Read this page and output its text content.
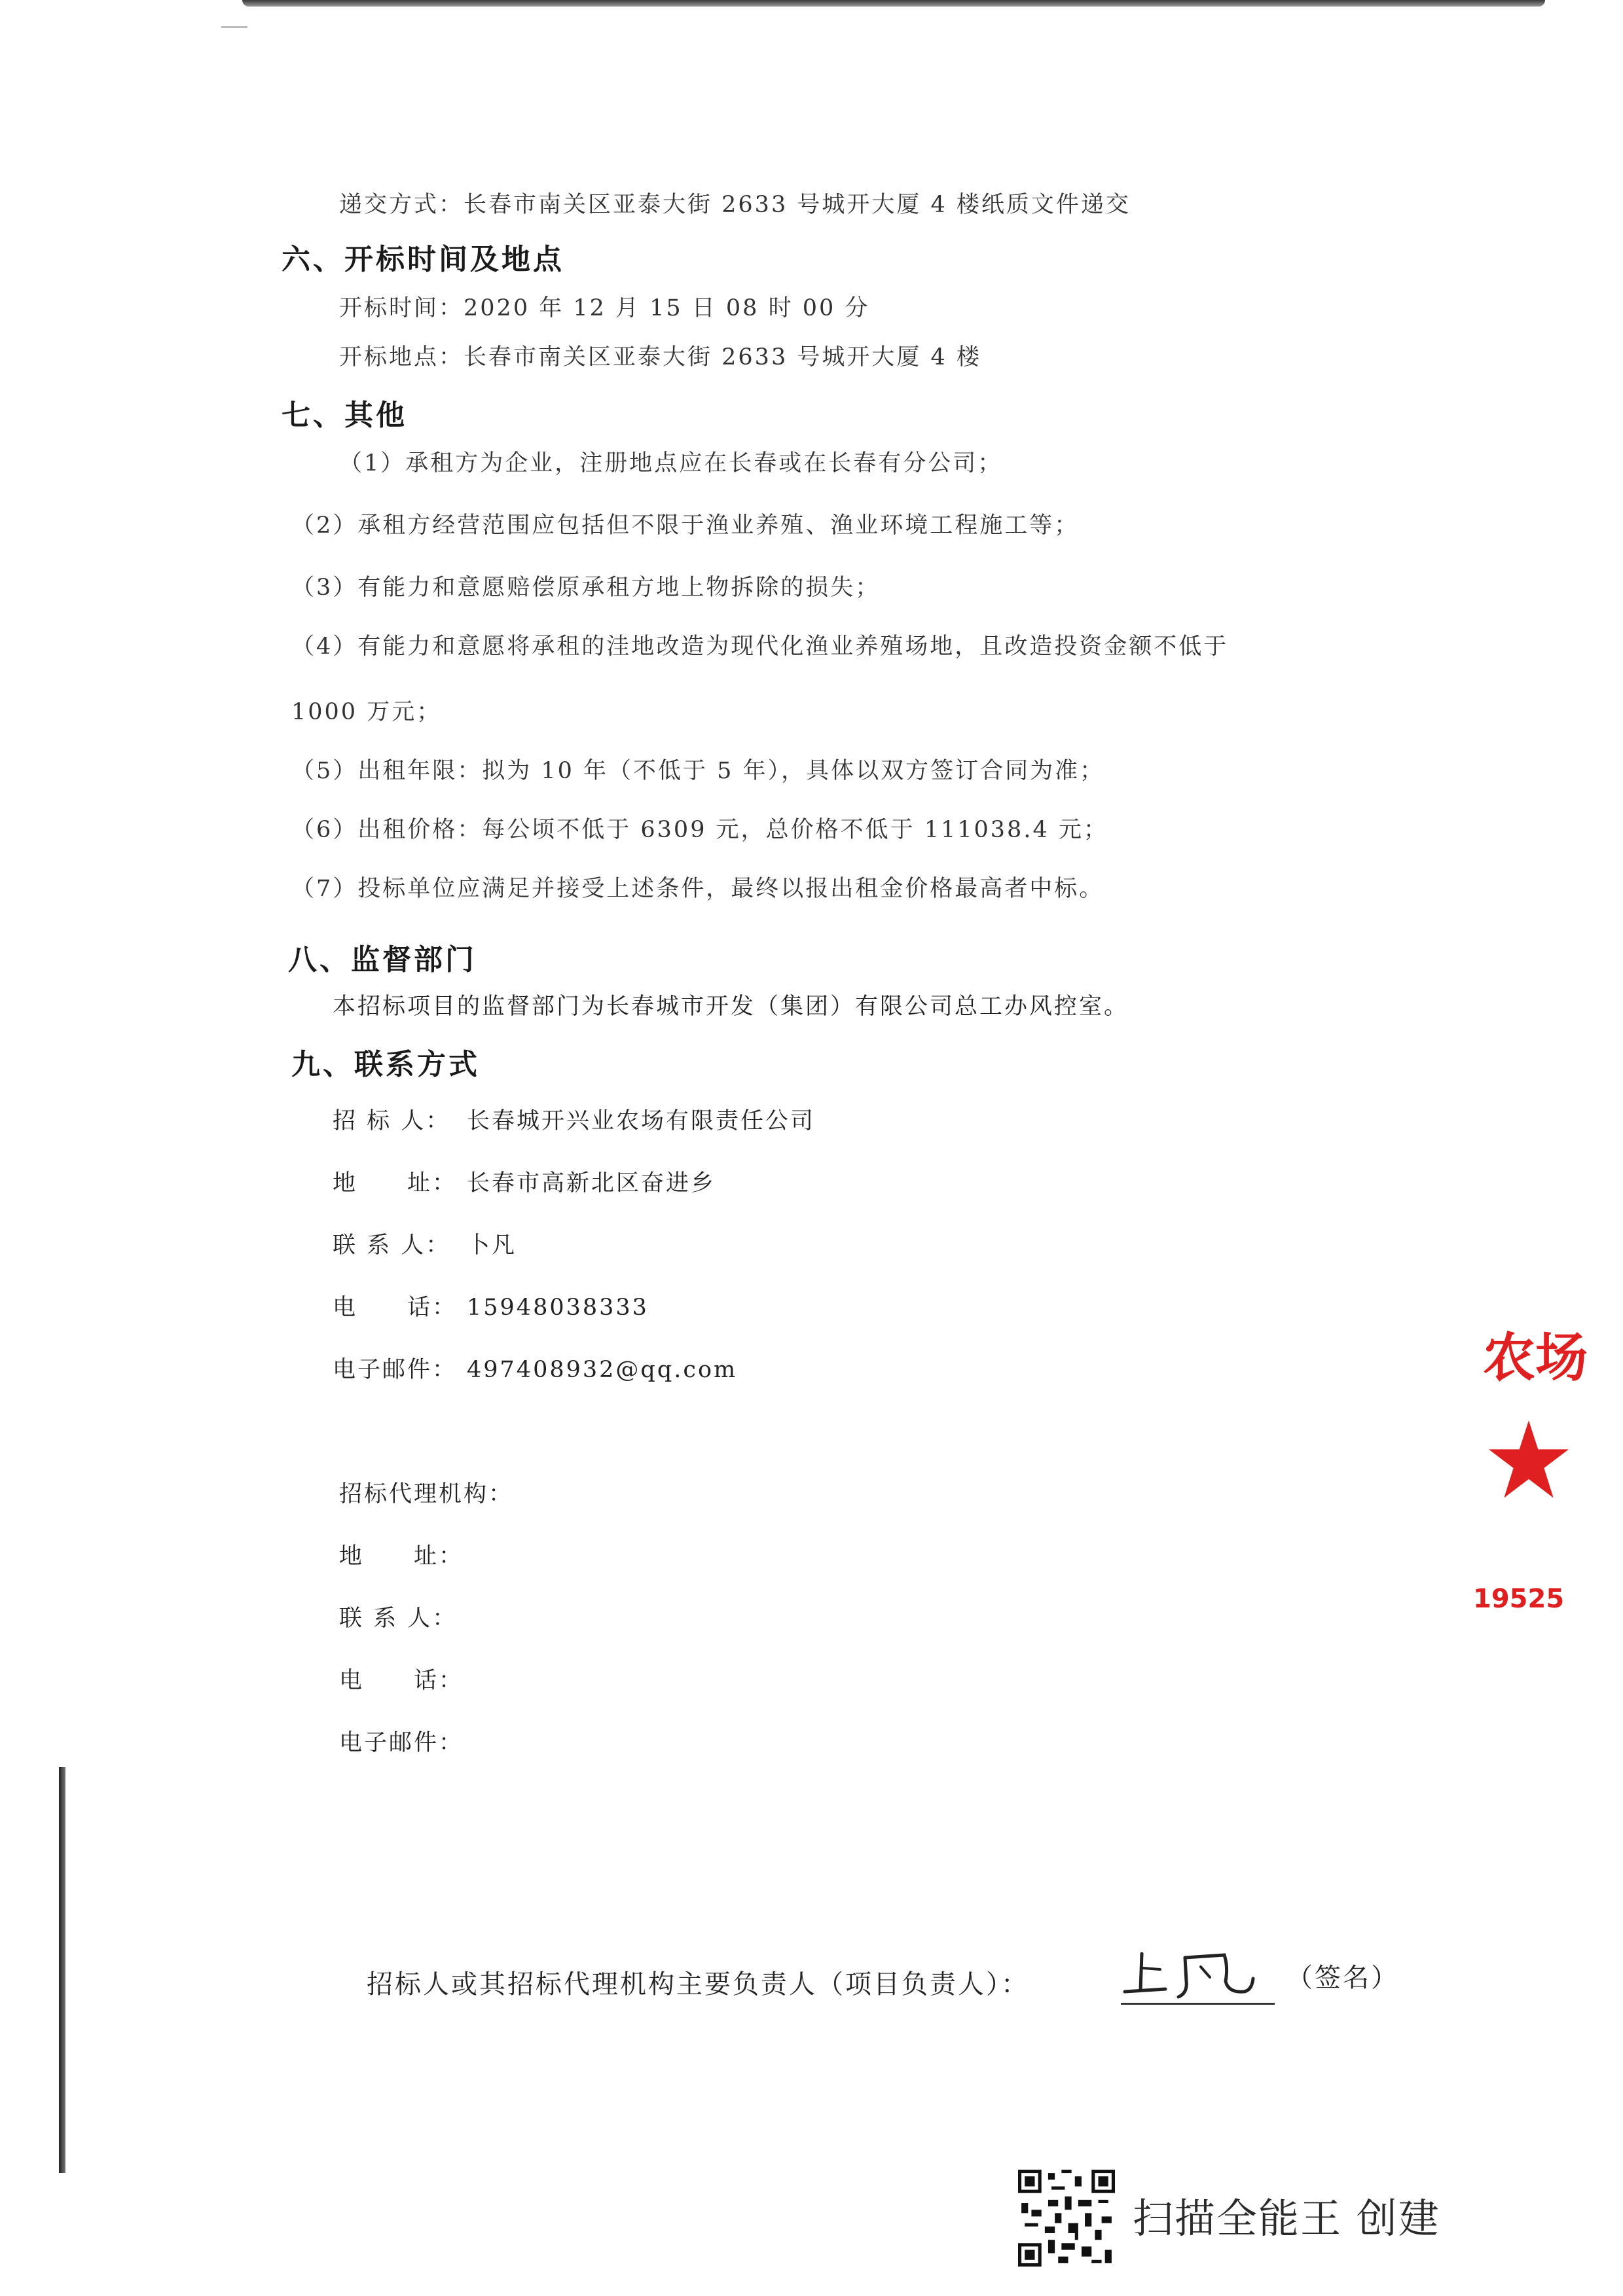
递交方式：长春市南关区亚泰大街 2633 号城开大厦 4 楼纸质文件递交
六、开标时间及地点
开标时间：2020 年 12 月 15 日 08 时 00 分
开标地点：长春市南关区亚泰大街 2633 号城开大厦 4 楼
七、其他
（1）承租方为企业，注册地点应在长春或在长春有分公司；
（2）承租方经营范围应包括但不限于渔业养殖、渔业环境工程施工等；
（3）有能力和意愿赔偿原承租方地上物拆除的损失；
（4）有能力和意愿将承租的洼地改造为现代化渔业养殖场地，且改造投资金额不低于
1000 万元；
（5）出租年限：拟为 10 年（不低于 5 年），具体以双方签订合同为准；
（6）出租价格：每公顷不低于 6309 元，总价格不低于 111038.4 元；
（7）投标单位应满足并接受上述条件，最终以报出租金价格最高者中标。
八、监督部门
本招标项目的监督部门为长春城市开发（集团）有限公司总工办风控室。
九、联系方式
招 标 人： 长春城开兴业农场有限责任公司
地　　址： 长春市高新北区奋进乡
联 系 人： 卜凡
电　　话： 15948038333
电子邮件： 497408932@qq.com
招标代理机构：
地　　址：
联 系 人：
电　　话：
电子邮件：
招标人或其招标代理机构主要负责人（项目负责人）：	（签名）
农场
19525
扫描全能王 创建
